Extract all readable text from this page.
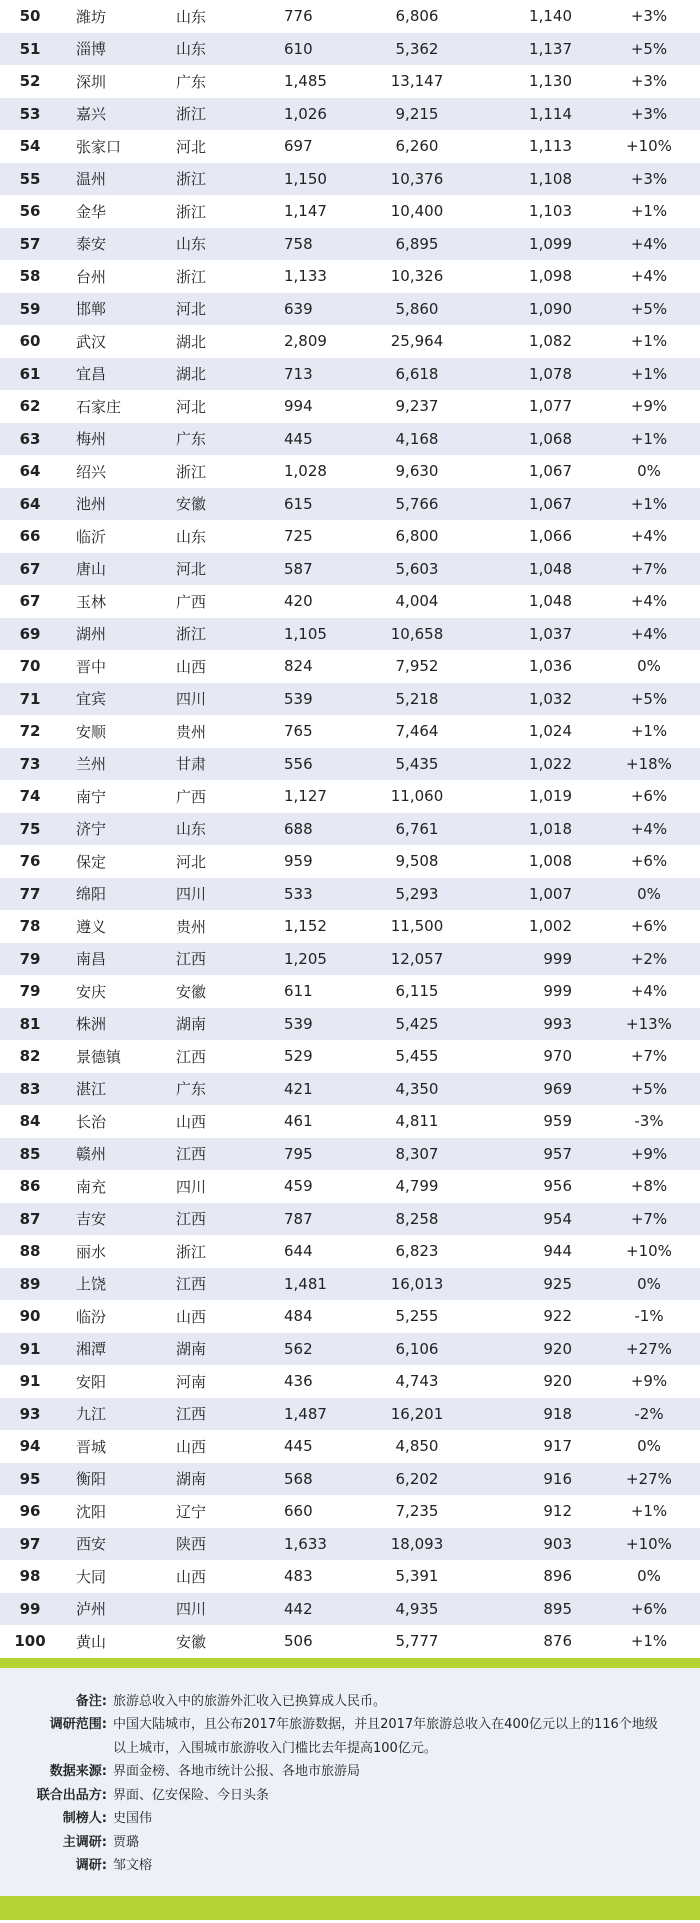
50	潍坊	山东	776	6,806	1,140	+3%
51	淄博	山东	610	5,362	1,137	+5%
52	深圳	广东	1,485	13,147	1,130	+3%
53	嘉兴	浙江	1,026	9,215	1,114	+3%
54	张家口	河北	697	6,260	1,113	+10%
55	温州	浙江	1,150	10,376	1,108	+3%
56	金华	浙江	1,147	10,400	1,103	+1%
57	泰安	山东	758	6,895	1,099	+4%
58	台州	浙江	1,133	10,326	1,098	+4%
59	邯郸	河北	639	5,860	1,090	+5%
60	武汉	湖北	2,809	25,964	1,082	+1%
61	宜昌	湖北	713	6,618	1,078	+1%
62	石家庄	河北	994	9,237	1,077	+9%
63	梅州	广东	445	4,168	1,068	+1%
64	绍兴	浙江	1,028	9,630	1,067	0%
64	池州	安徽	615	5,766	1,067	+1%
66	临沂	山东	725	6,800	1,066	+4%
67	唐山	河北	587	5,603	1,048	+7%
67	玉林	广西	420	4,004	1,048	+4%
69	湖州	浙江	1,105	10,658	1,037	+4%
70	晋中	山西	824	7,952	1,036	0%
71	宜宾	四川	539	5,218	1,032	+5%
72	安顺	贵州	765	7,464	1,024	+1%
73	兰州	甘肃	556	5,435	1,022	+18%
74	南宁	广西	1,127	11,060	1,019	+6%
75	济宁	山东	688	6,761	1,018	+4%
76	保定	河北	959	9,508	1,008	+6%
77	绵阳	四川	533	5,293	1,007	0%
78	遵义	贵州	1,152	11,500	1,002	+6%
79	南昌	江西	1,205	12,057	999	+2%
79	安庆	安徽	611	6,115	999	+4%
81	株洲	湖南	539	5,425	993	+13%
82	景德镇	江西	529	5,455	970	+7%
83	湛江	广东	421	4,350	969	+5%
84	长治	山西	461	4,811	959	-3%
85	赣州	江西	795	8,307	957	+9%
86	南充	四川	459	4,799	956	+8%
87	吉安	江西	787	8,258	954	+7%
88	丽水	浙江	644	6,823	944	+10%
89	上饶	江西	1,481	16,013	925	0%
90	临汾	山西	484	5,255	922	-1%
91	湘潭	湖南	562	6,106	920	+27%
91	安阳	河南	436	4,743	920	+9%
93	九江	江西	1,487	16,201	918	-2%
94	晋城	山西	445	4,850	917	0%
95	衡阳	湖南	568	6,202	916	+27%
96	沈阳	辽宁	660	7,235	912	+1%
97	西安	陕西	1,633	18,093	903	+10%
98	大同	山西	483	5,391	896	0%
99	泸州	四川	442	4,935	895	+6%
100	黄山	安徽	506	5,777	876	+1%
备注: 旅游总收入中的旅游外汇收入已换算成人民币。
调研范围: 中国大陆城市，且公布2017年旅游数据，并且2017年旅游总收入在400亿元以上的116个地级
以上城市，入围城市旅游收入门槛比去年提高100亿元。
数据来源: 界面金榜、各地市统计公报、各地市旅游局
联合出品方: 界面、亿安保险、今日头条
制榜人: 史国伟
主调研: 贾璐
调研: 邹文榕
